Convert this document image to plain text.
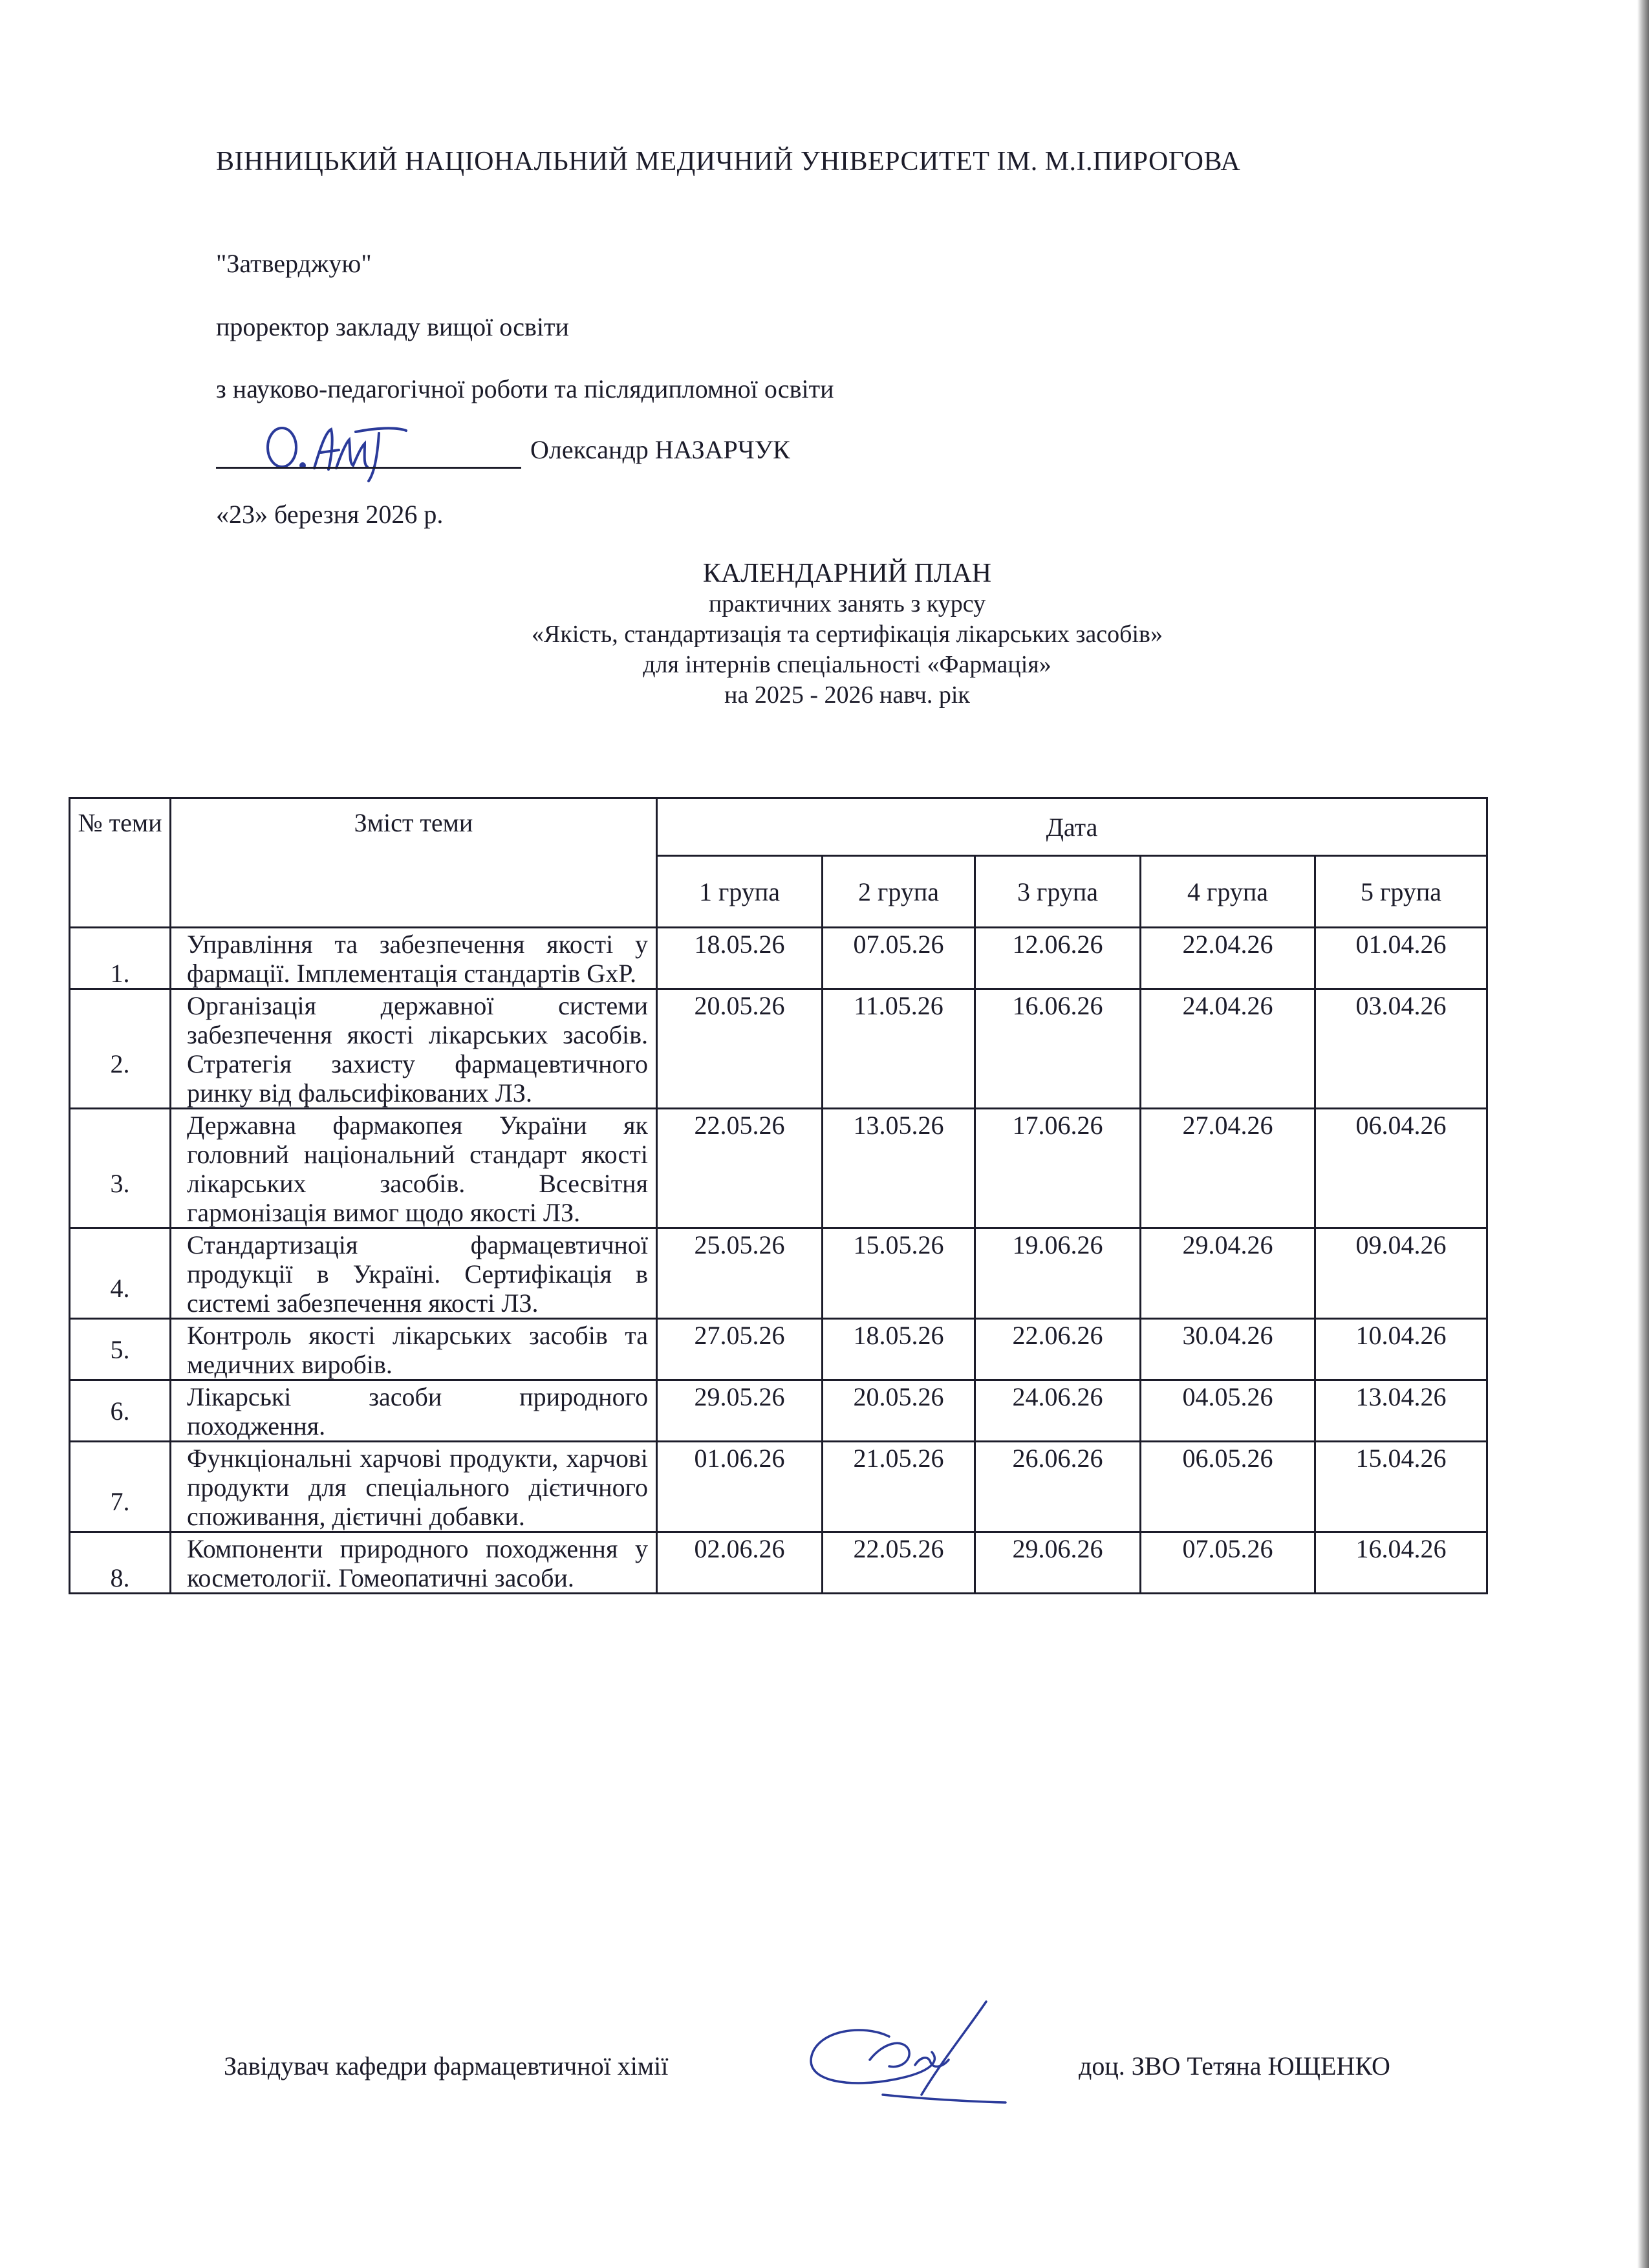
ВІННИЦЬКИЙ НАЦІОНАЛЬНИЙ МЕДИЧНИЙ УНІВЕРСИТЕТ ІМ. М.І.ПИРОГОВА
"Затверджую"
проректор закладу вищої освіти
з науково-педагогічної роботи та післядипломної освіти
Олександр НАЗАРЧУК
«23» березня 2026 р.
КАЛЕНДАРНИЙ ПЛАН
практичних занять з курсу
«Якість, стандартизація та сертифікація лікарських засобів»
для інтернів спеціальності «Фармація»
на 2025 - 2026 навч. рік
№ теми	Зміст теми	Дата				
		1 група	2 група	3 група	4 група	5 група
1.	Управління та забезпечення якості у фармації. Імплементація стандартів GxP.	18.05.26	07.05.26	12.06.26	22.04.26	01.04.26
2.	Організація державної системи забезпечення якості лікарських засобів. Стратегія захисту фармацевтичного ринку від фальсифікованих ЛЗ.	20.05.26	11.05.26	16.06.26	24.04.26	03.04.26
3.	Державна фармакопея України як головний національний стандарт якості лікарських засобів. Всесвітня гармонізація вимог щодо якості ЛЗ.	22.05.26	13.05.26	17.06.26	27.04.26	06.04.26
4.	Стандартизація фармацевтичної продукції в Україні. Сертифікація в системі забезпечення якості ЛЗ.	25.05.26	15.05.26	19.06.26	29.04.26	09.04.26
5.	Контроль якості лікарських засобів та медичних виробів.	27.05.26	18.05.26	22.06.26	30.04.26	10.04.26
6.	Лікарські засоби природного походження.	29.05.26	20.05.26	24.06.26	04.05.26	13.04.26
7.	Функціональні харчові продукти, харчові продукти для спеціального дієтичного споживання, дієтичні добавки.	01.06.26	21.05.26	26.06.26	06.05.26	15.04.26
8.	Компоненти природного походження у косметології. Гомеопатичні засоби.	02.06.26	22.05.26	29.06.26	07.05.26	16.04.26
Завідувач кафедри фармацевтичної хімії	доц. ЗВО Тетяна ЮЩЕНКО
